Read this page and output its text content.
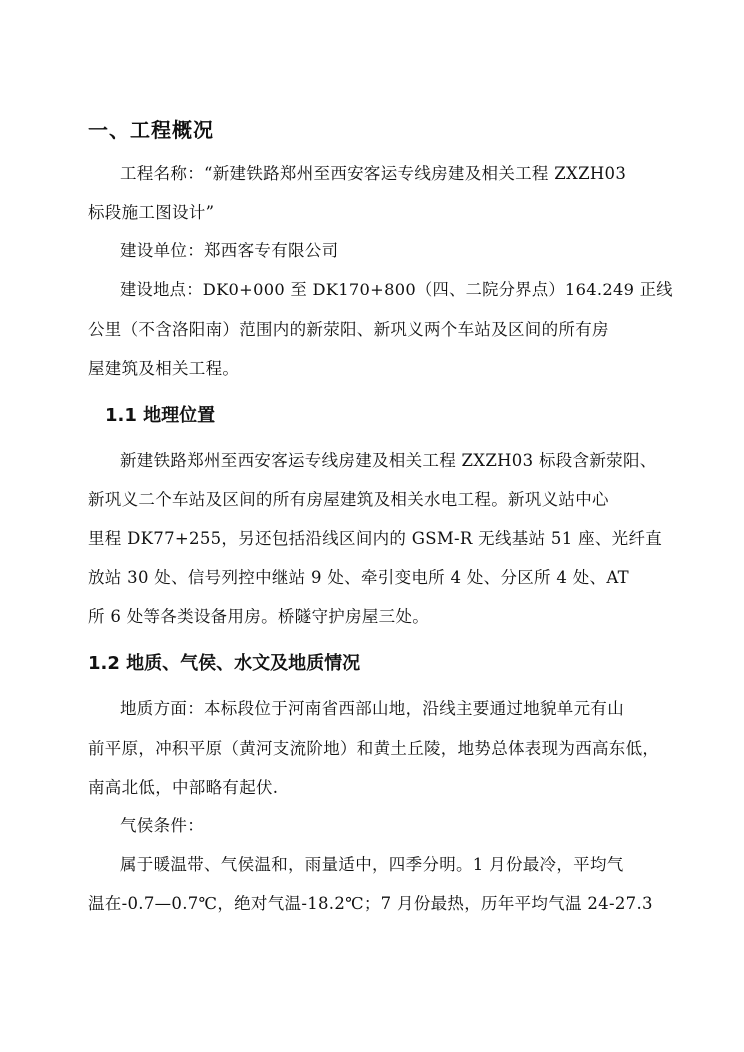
一、工程概况
工程名称：“新建铁路郑州至西安客运专线房建及相关工程 ZXZH03
标段施工图设计”
建设单位：郑西客专有限公司
建设地点：DK0+000 至 DK170+800（四、二院分界点）164.249 正线
公里（不含洛阳南）范围内的新荥阳、新巩义两个车站及区间的所有房
屋建筑及相关工程。
1.1 地理位置
新建铁路郑州至西安客运专线房建及相关工程 ZXZH03 标段含新荥阳、
新巩义二个车站及区间的所有房屋建筑及相关水电工程。新巩义站中心
里程 DK77+255，另还包括沿线区间内的 GSM-R 无线基站 51 座、光纤直
放站 30 处、信号列控中继站 9 处、牵引变电所 4 处、分区所 4 处、AT
所 6 处等各类设备用房。桥隧守护房屋三处。
1.2 地质、气侯、水文及地质情况
地质方面：本标段位于河南省西部山地，沿线主要通过地貌单元有山
前平原，冲积平原（黄河支流阶地）和黄土丘陵，地势总体表现为西高东低，
南高北低，中部略有起伏.
气侯条件：
属于暖温带、气侯温和，雨量适中，四季分明。1 月份最冷，平均气
温在-0.7—0.7℃，绝对气温-18.2℃；7 月份最热，历年平均气温 24-27.3
